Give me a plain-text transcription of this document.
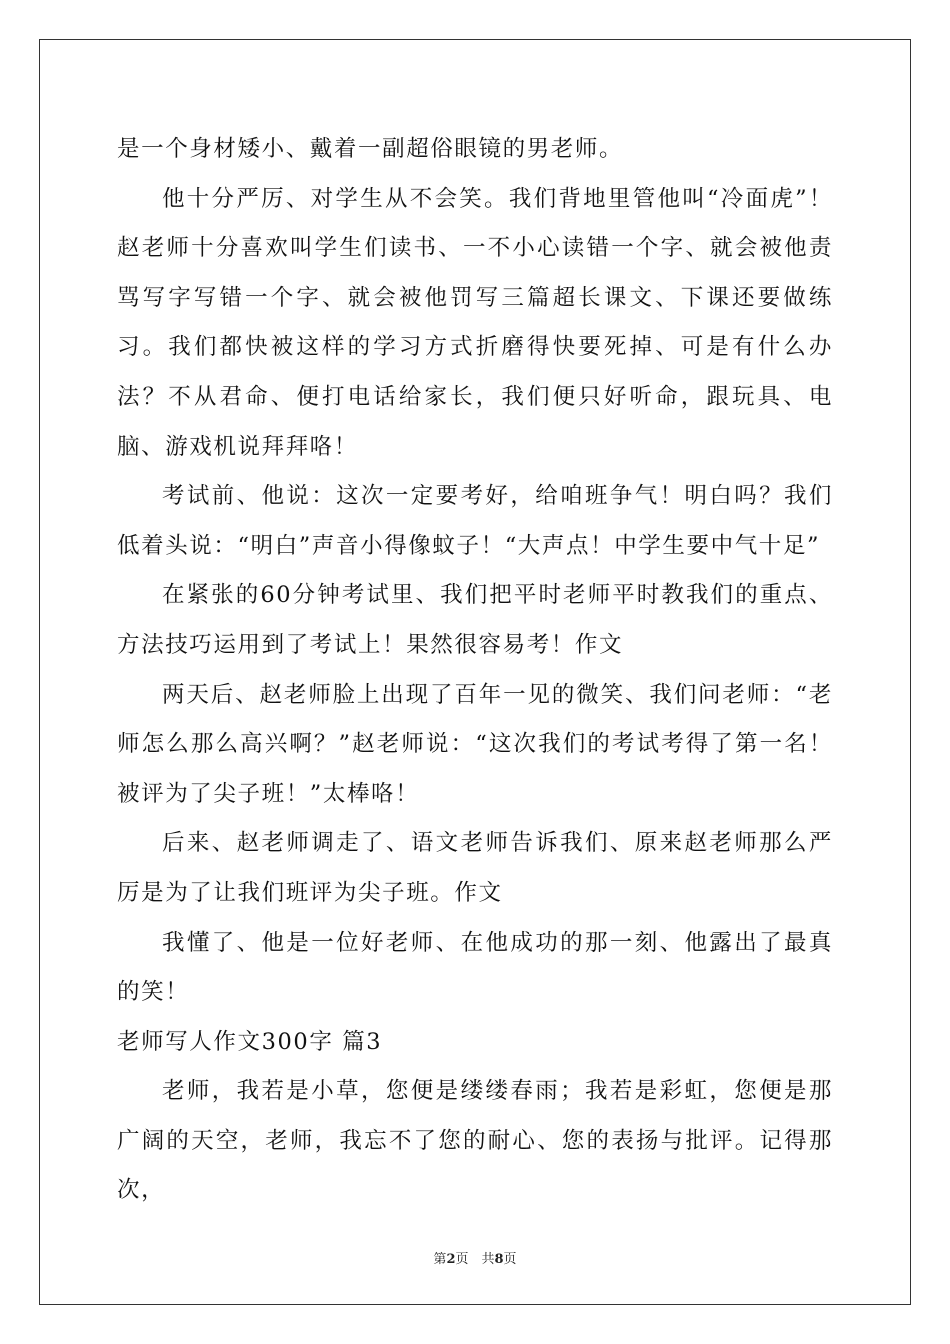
是一个身材矮小、戴着一副超俗眼镜的男老师。

他十分严厉、对学生从不会笑。我们背地里管他叫“冷面虎”！赵老师十分喜欢叫学生们读书、一不小心读错一个字、就会被他责骂写字写错一个字、就会被他罚写三篇超长课文、下课还要做练习。我们都快被这样的学习方式折磨得快要死掉、可是有什么办法？不从君命、便打电话给家长，我们便只好听命，跟玩具、电脑、游戏机说拜拜咯！

考试前、他说：这次一定要考好，给咱班争气！明白吗？我们低着头说：“明白”声音小得像蚊子！“大声点！中学生要中气十足”

在紧张的60分钟考试里、我们把平时老师平时教我们的重点、方法技巧运用到了考试上！果然很容易考！作文

两天后、赵老师脸上出现了百年一见的微笑、我们问老师：“老师怎么那么高兴啊？”赵老师说：“这次我们的考试考得了第一名！被评为了尖子班！”太棒咯！

后来、赵老师调走了、语文老师告诉我们、原来赵老师那么严厉是为了让我们班评为尖子班。作文

我懂了、他是一位好老师、在他成功的那一刻、他露出了最真的笑！

老师写人作文300字 篇3

老师，我若是小草，您便是缕缕春雨；我若是彩虹，您便是那广阔的天空，老师，我忘不了您的耐心、您的表扬与批评。记得那次，

第2页　共8页
